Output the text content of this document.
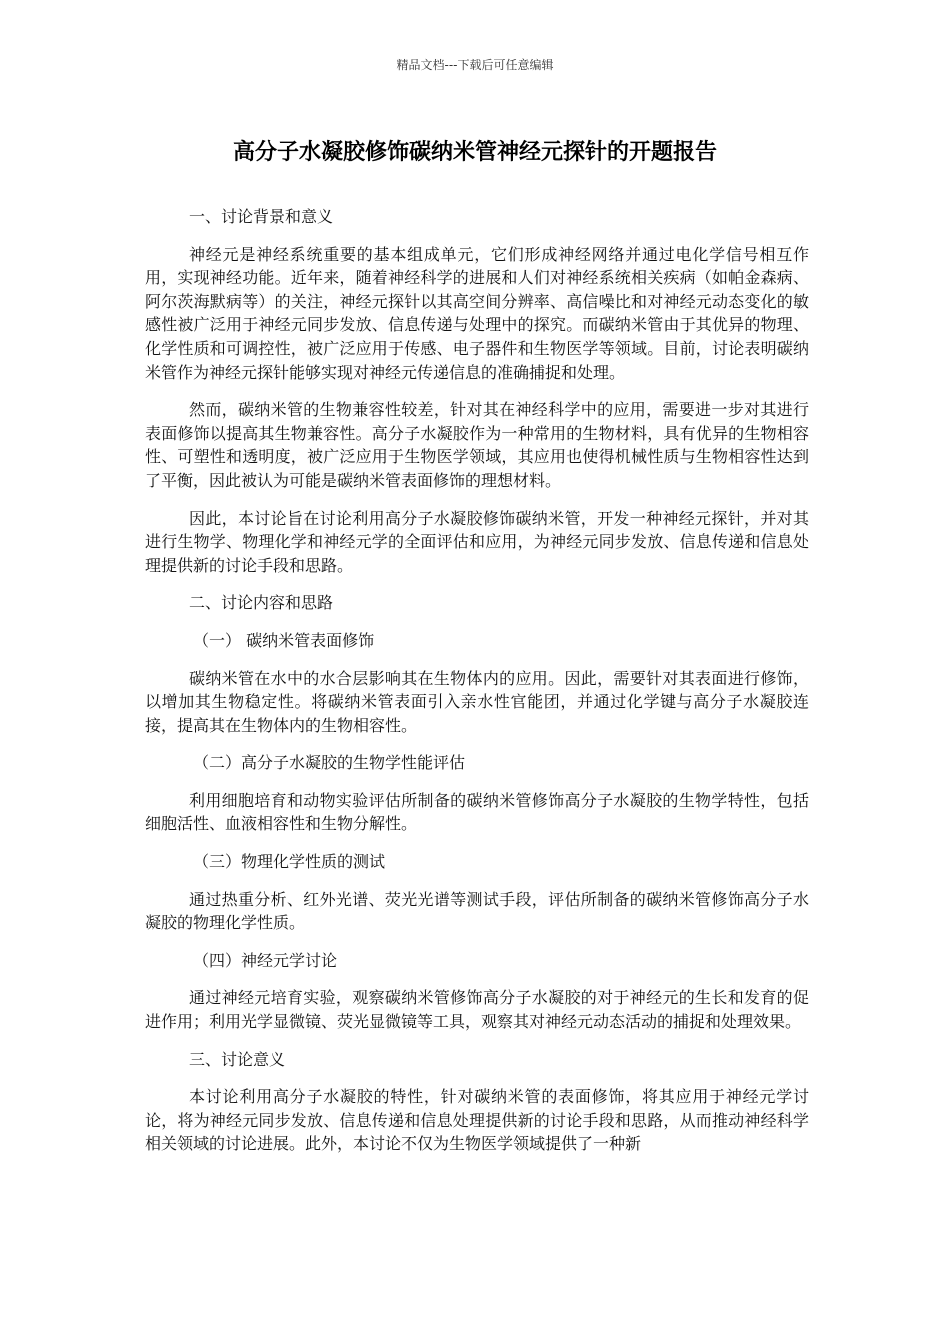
精品文档---下载后可任意编辑
高分子水凝胶修饰碳纳米管神经元探针的开题报告

一、讨论背景和意义

神经元是神经系统重要的基本组成单元，它们形成神经网络并通过电化学信号相互作用，实现神经功能。近年来，随着神经科学的进展和人们对神经系统相关疾病（如帕金森病、阿尔茨海默病等）的关注，神经元探针以其高空间分辨率、高信噪比和对神经元动态变化的敏感性被广泛用于神经元同步发放、信息传递与处理中的探究。而碳纳米管由于其优异的物理、化学性质和可调控性，被广泛应用于传感、电子器件和生物医学等领域。目前，讨论表明碳纳米管作为神经元探针能够实现对神经元传递信息的准确捕捉和处理。

然而，碳纳米管的生物兼容性较差，针对其在神经科学中的应用，需要进一步对其进行表面修饰以提高其生物兼容性。高分子水凝胶作为一种常用的生物材料，具有优异的生物相容性、可塑性和透明度，被广泛应用于生物医学领域，其应用也使得机械性质与生物相容性达到了平衡，因此被认为可能是碳纳米管表面修饰的理想材料。

因此，本讨论旨在讨论利用高分子水凝胶修饰碳纳米管，开发一种神经元探针，并对其进行生物学、物理化学和神经元学的全面评估和应用，为神经元同步发放、信息传递和信息处理提供新的讨论手段和思路。

二、讨论内容和思路

（一） 碳纳米管表面修饰

碳纳米管在水中的水合层影响其在生物体内的应用。因此，需要针对其表面进行修饰，以增加其生物稳定性。将碳纳米管表面引入亲水性官能团，并通过化学键与高分子水凝胶连接，提高其在生物体内的生物相容性。

（二）高分子水凝胶的生物学性能评估

利用细胞培育和动物实验评估所制备的碳纳米管修饰高分子水凝胶的生物学特性，包括细胞活性、血液相容性和生物分解性。

（三）物理化学性质的测试

通过热重分析、红外光谱、荧光光谱等测试手段，评估所制备的碳纳米管修饰高分子水凝胶的物理化学性质。

（四）神经元学讨论

通过神经元培育实验，观察碳纳米管修饰高分子水凝胶的对于神经元的生长和发育的促进作用；利用光学显微镜、荧光显微镜等工具，观察其对神经元动态活动的捕捉和处理效果。

三、讨论意义

本讨论利用高分子水凝胶的特性，针对碳纳米管的表面修饰，将其应用于神经元学讨论，将为神经元同步发放、信息传递和信息处理提供新的讨论手段和思路，从而推动神经科学相关领域的讨论进展。此外，本讨论不仅为生物医学领域提供了一种新
